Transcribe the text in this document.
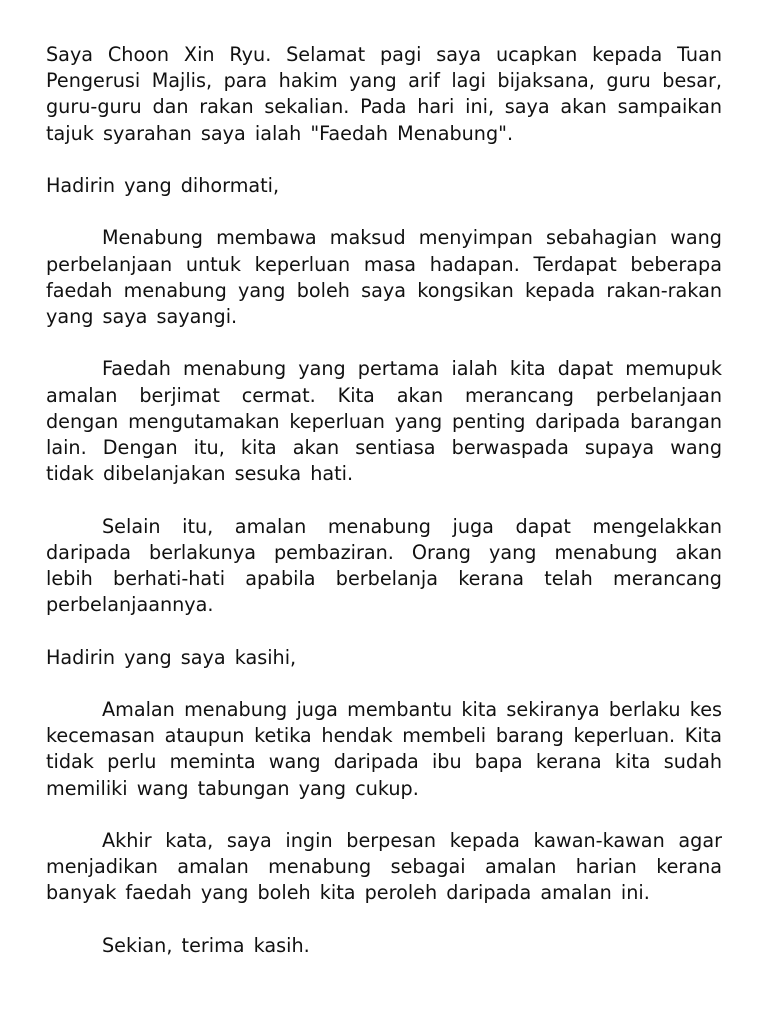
Saya Choon Xin Ryu. Selamat pagi saya ucapkan kepada Tuan Pengerusi Majlis, para hakim yang arif lagi bijaksana, guru besar, guru-guru dan rakan sekalian. Pada hari ini, saya akan sampaikan tajuk syarahan saya ialah "Faedah Menabung".

Hadirin yang dihormati,

Menabung membawa maksud menyimpan sebahagian wang perbelanjaan untuk keperluan masa hadapan. Terdapat beberapa faedah menabung yang boleh saya kongsikan kepada rakan-rakan yang saya sayangi.

Faedah menabung yang pertama ialah kita dapat memupuk amalan berjimat cermat. Kita akan merancang perbelanjaan dengan mengutamakan keperluan yang penting daripada barangan lain. Dengan itu, kita akan sentiasa berwaspada supaya wang tidak dibelanjakan sesuka hati.

Selain itu, amalan menabung juga dapat mengelakkan daripada berlakunya pembaziran. Orang yang menabung akan lebih berhati-hati apabila berbelanja kerana telah merancang perbelanjaannya.

Hadirin yang saya kasihi,

Amalan menabung juga membantu kita sekiranya berlaku kes kecemasan ataupun ketika hendak membeli barang keperluan. Kita tidak perlu meminta wang daripada ibu bapa kerana kita sudah memiliki wang tabungan yang cukup.

Akhir kata, saya ingin berpesan kepada kawan-kawan agar menjadikan amalan menabung sebagai amalan harian kerana banyak faedah yang boleh kita peroleh daripada amalan ini.

Sekian, terima kasih.
